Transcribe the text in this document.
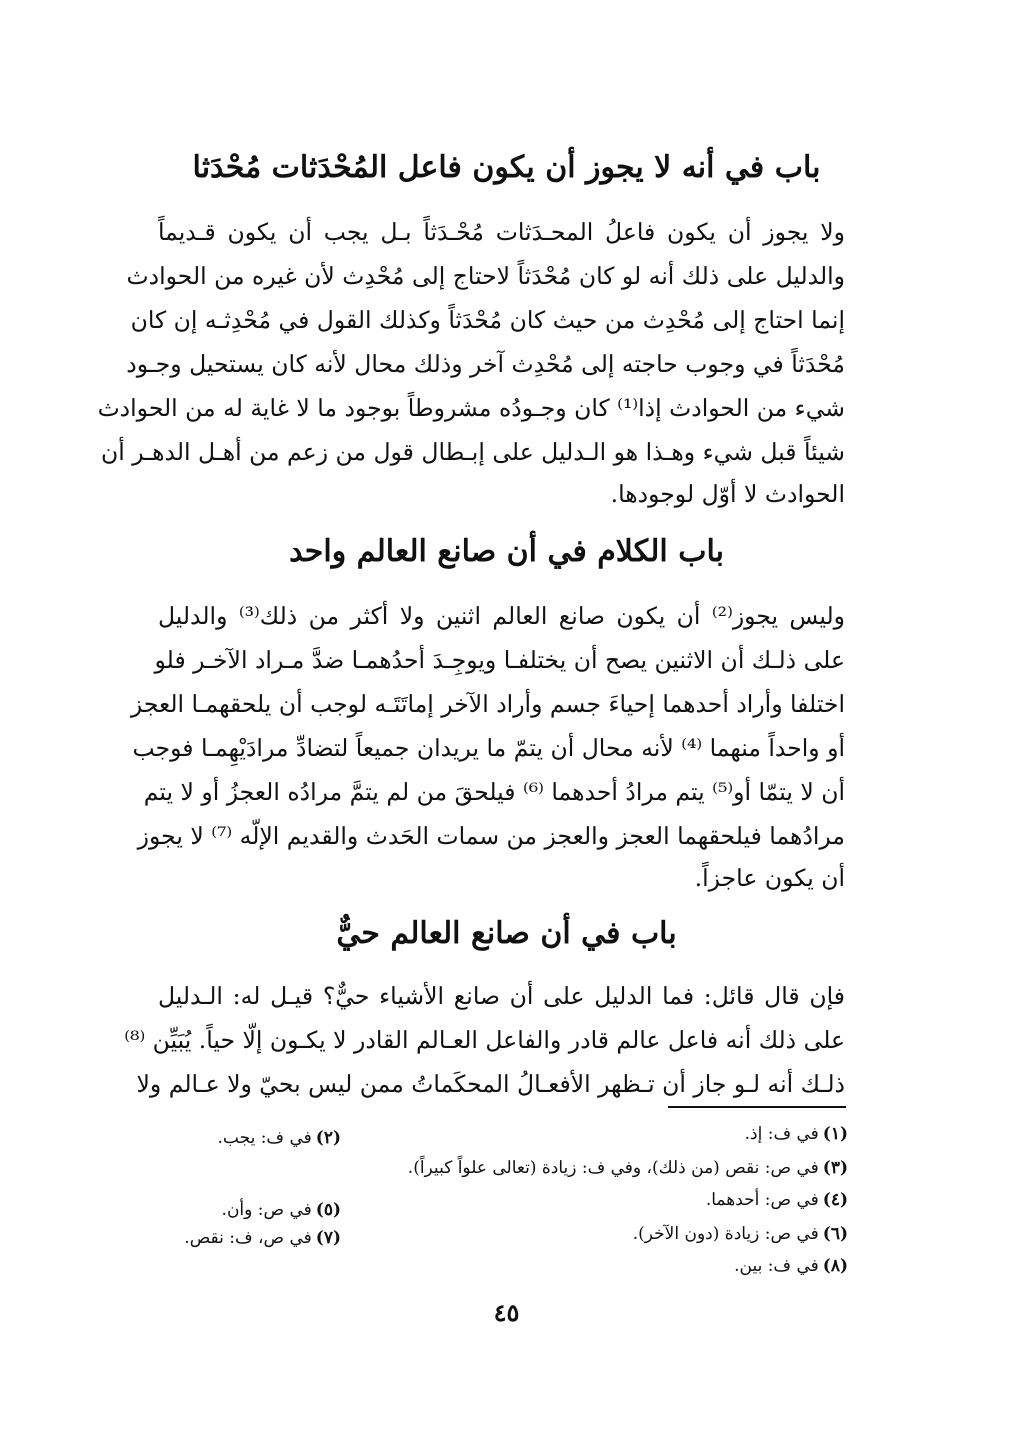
باب في أنه لا يجوز أن يكون فاعل المُحْدَثات مُحْدَثا
ولا يجوز أن يكون فاعلُ المحـدَثات مُحْـدَثاً بـل يجب أن يكون قـديماً
والدليل على ذلك أنه لو كان مُحْدَثاً لاحتاج إلى مُحْدِث لأن غيره من الحوادث
إنما احتاج إلى مُحْدِث من حيث كان مُحْدَثاً وكذلك القول في مُحْدِثـه إن كان
مُحْدَثاً في وجوب حاجته إلى مُحْدِث آخر وذلك محال لأنه كان يستحيل وجـود
شيء من الحوادث إذا⁽¹⁾ كان وجـودُه مشروطاً بوجود ما لا غاية له من الحوادث
شيئاً قبل شيء وهـذا هو الـدليل على إبـطال قول من زعم من أهـل الدهـر أن
الحوادث لا أوّل لوجودها.
باب الكلام في أن صانع العالم واحد
وليس يجوز⁽²⁾ أن يكون صانع العالم اثنين ولا أكثر من ذلك⁽³⁾ والدليل
على ذلـك أن الاثنين يصح أن يختلفـا ويوجِـدَ أحدُهمـا ضدَّ مـراد الآخـر فلو
اختلفا وأراد أحدهما إحياءَ جسم وأراد الآخر إماتَتَـه لوجب أن يلحقهمـا العجز
أو واحداً منهما ⁽⁴⁾ لأنه محال أن يتمّ ما يريدان جميعاً لتضادِّ مرادَيْهِمـا فوجب
أن لا يتمّا أو⁽⁵⁾ يتم مرادُ أحدهما ⁽⁶⁾ فيلحقَ من لم يتمَّ مرادُه العجزُ أو لا يتم
مرادُهما فيلحقهما العجز والعجز من سمات الحَدث والقديم الإلّه ⁽⁷⁾ لا يجوز
أن يكون عاجزاً.
باب في أن صانع العالم حيٌّ
فإن قال قائل: فما الدليل على أن صانع الأشياء حيٌّ؟ قيـل له: الـدليل
على ذلك أنه فاعل عالم قادر والفاعل العـالم القادر لا يكـون إلّا حياً. يُبَيِّن ⁽⁸⁾
ذلـك أنه لـو جاز أن تـظهر الأفعـالُ المحكَماتُ ممن ليس بحيّ ولا عـالم ولا
(١)في ف: إذ.
(٢)في ف: يجب.
(٣)في ص: نقص (من ذلك)، وفي ف: زيادة (تعالى علواً كبيراً).
(٤)في ص: أحدهما.
(٥)في ص: وأن.
(٦)في ص: زيادة (دون الآخر).
(٧)في ص، ف: نقص.
(٨)في ف: بين.
٤٥
